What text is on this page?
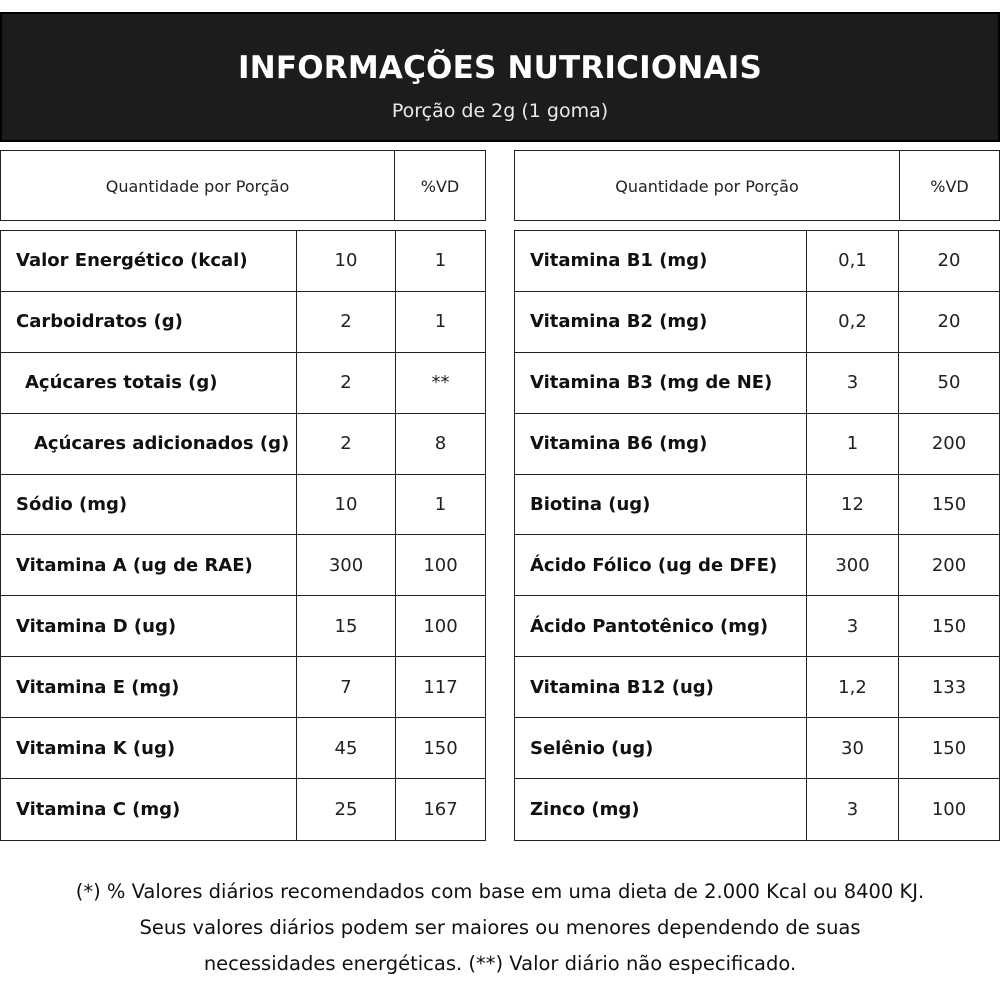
INFORMAÇÕES NUTRICIONAIS
Porção de 2g (1 goma)
Quantidade por Porção	%VD	Quantidade por Porção	%VD
Valor Energético (kcal)	10	1
Carboidratos (g)	2	1
Açúcares totais (g)	2	**
Açúcares adicionados (g)	2	8
Sódio (mg)	10	1
Vitamina A (ug de RAE)	300	100
Vitamina D (ug)	15	100
Vitamina E (mg)	7	117
Vitamina K (ug)	45	150
Vitamina C (mg)	25	167
Vitamina B1 (mg)	0,1	20
Vitamina B2 (mg)	0,2	20
Vitamina B3 (mg de NE)	3	50
Vitamina B6 (mg)	1	200
Biotina (ug)	12	150
Ácido Fólico (ug de DFE)	300	200
Ácido Pantotênico (mg)	3	150
Vitamina B12 (ug)	1,2	133
Selênio (ug)	30	150
Zinco (mg)	3	100
(*) % Valores diários recomendados com base em uma dieta de 2.000 Kcal ou 8400 KJ.
Seus valores diários podem ser maiores ou menores dependendo de suas
necessidades energéticas. (**) Valor diário não especificado.
